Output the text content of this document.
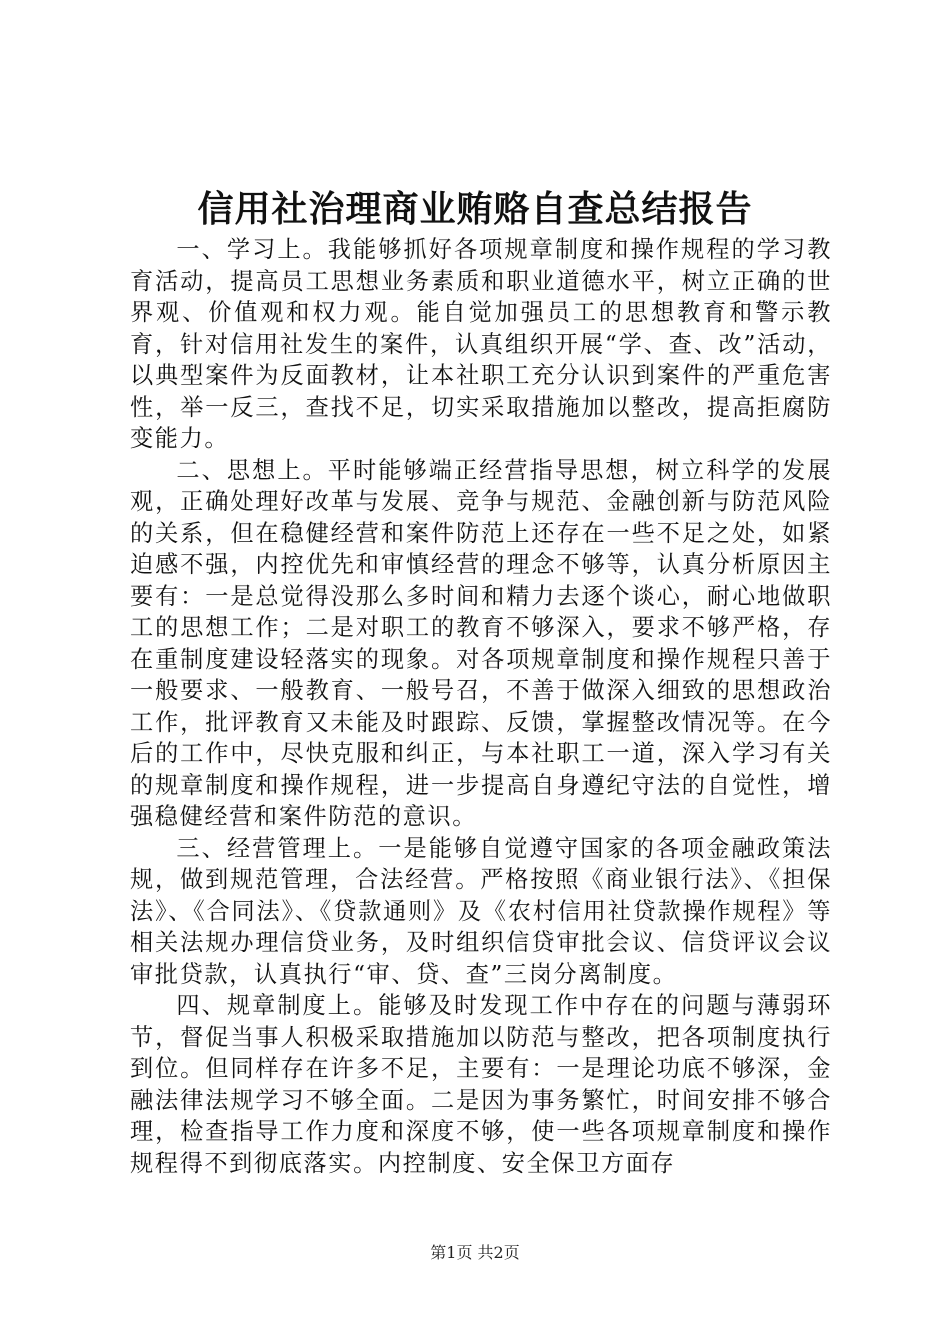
信用社治理商业贿赂自查总结报告

一、学习上。我能够抓好各项规章制度和操作规程的学习教育活动，提高员工思想业务素质和职业道德水平，树立正确的世界观、价值观和权力观。能自觉加强员工的思想教育和警示教育，针对信用社发生的案件，认真组织开展“学、查、改”活动，以典型案件为反面教材，让本社职工充分认识到案件的严重危害性，举一反三，查找不足，切实采取措施加以整改，提高拒腐防变能力。

二、思想上。平时能够端正经营指导思想，树立科学的发展观，正确处理好改革与发展、竞争与规范、金融创新与防范风险的关系，但在稳健经营和案件防范上还存在一些不足之处，如紧迫感不强，内控优先和审慎经营的理念不够等，认真分析原因主要有：一是总觉得没那么多时间和精力去逐个谈心，耐心地做职工的思想工作；二是对职工的教育不够深入，要求不够严格，存在重制度建设轻落实的现象。对各项规章制度和操作规程只善于一般要求、一般教育、一般号召，不善于做深入细致的思想政治工作，批评教育又未能及时跟踪、反馈，掌握整改情况等。在今后的工作中，尽快克服和纠正，与本社职工一道，深入学习有关的规章制度和操作规程，进一步提高自身遵纪守法的自觉性，增强稳健经营和案件防范的意识。

三、经营管理上。一是能够自觉遵守国家的各项金融政策法规，做到规范管理，合法经营。严格按照《商业银行法》、《担保法》、《合同法》、《贷款通则》及《农村信用社贷款操作规程》等相关法规办理信贷业务，及时组织信贷审批会议、信贷评议会议审批贷款，认真执行“审、贷、查”三岗分离制度。

四、规章制度上。能够及时发现工作中存在的问题与薄弱环节，督促当事人积极采取措施加以防范与整改，把各项制度执行到位。但同样存在许多不足，主要有：一是理论功底不够深，金融法律法规学习不够全面。二是因为事务繁忙，时间安排不够合理，检查指导工作力度和深度不够，使一些各项规章制度和操作规程得不到彻底落实。内控制度、安全保卫方面存

第1页 共2页
